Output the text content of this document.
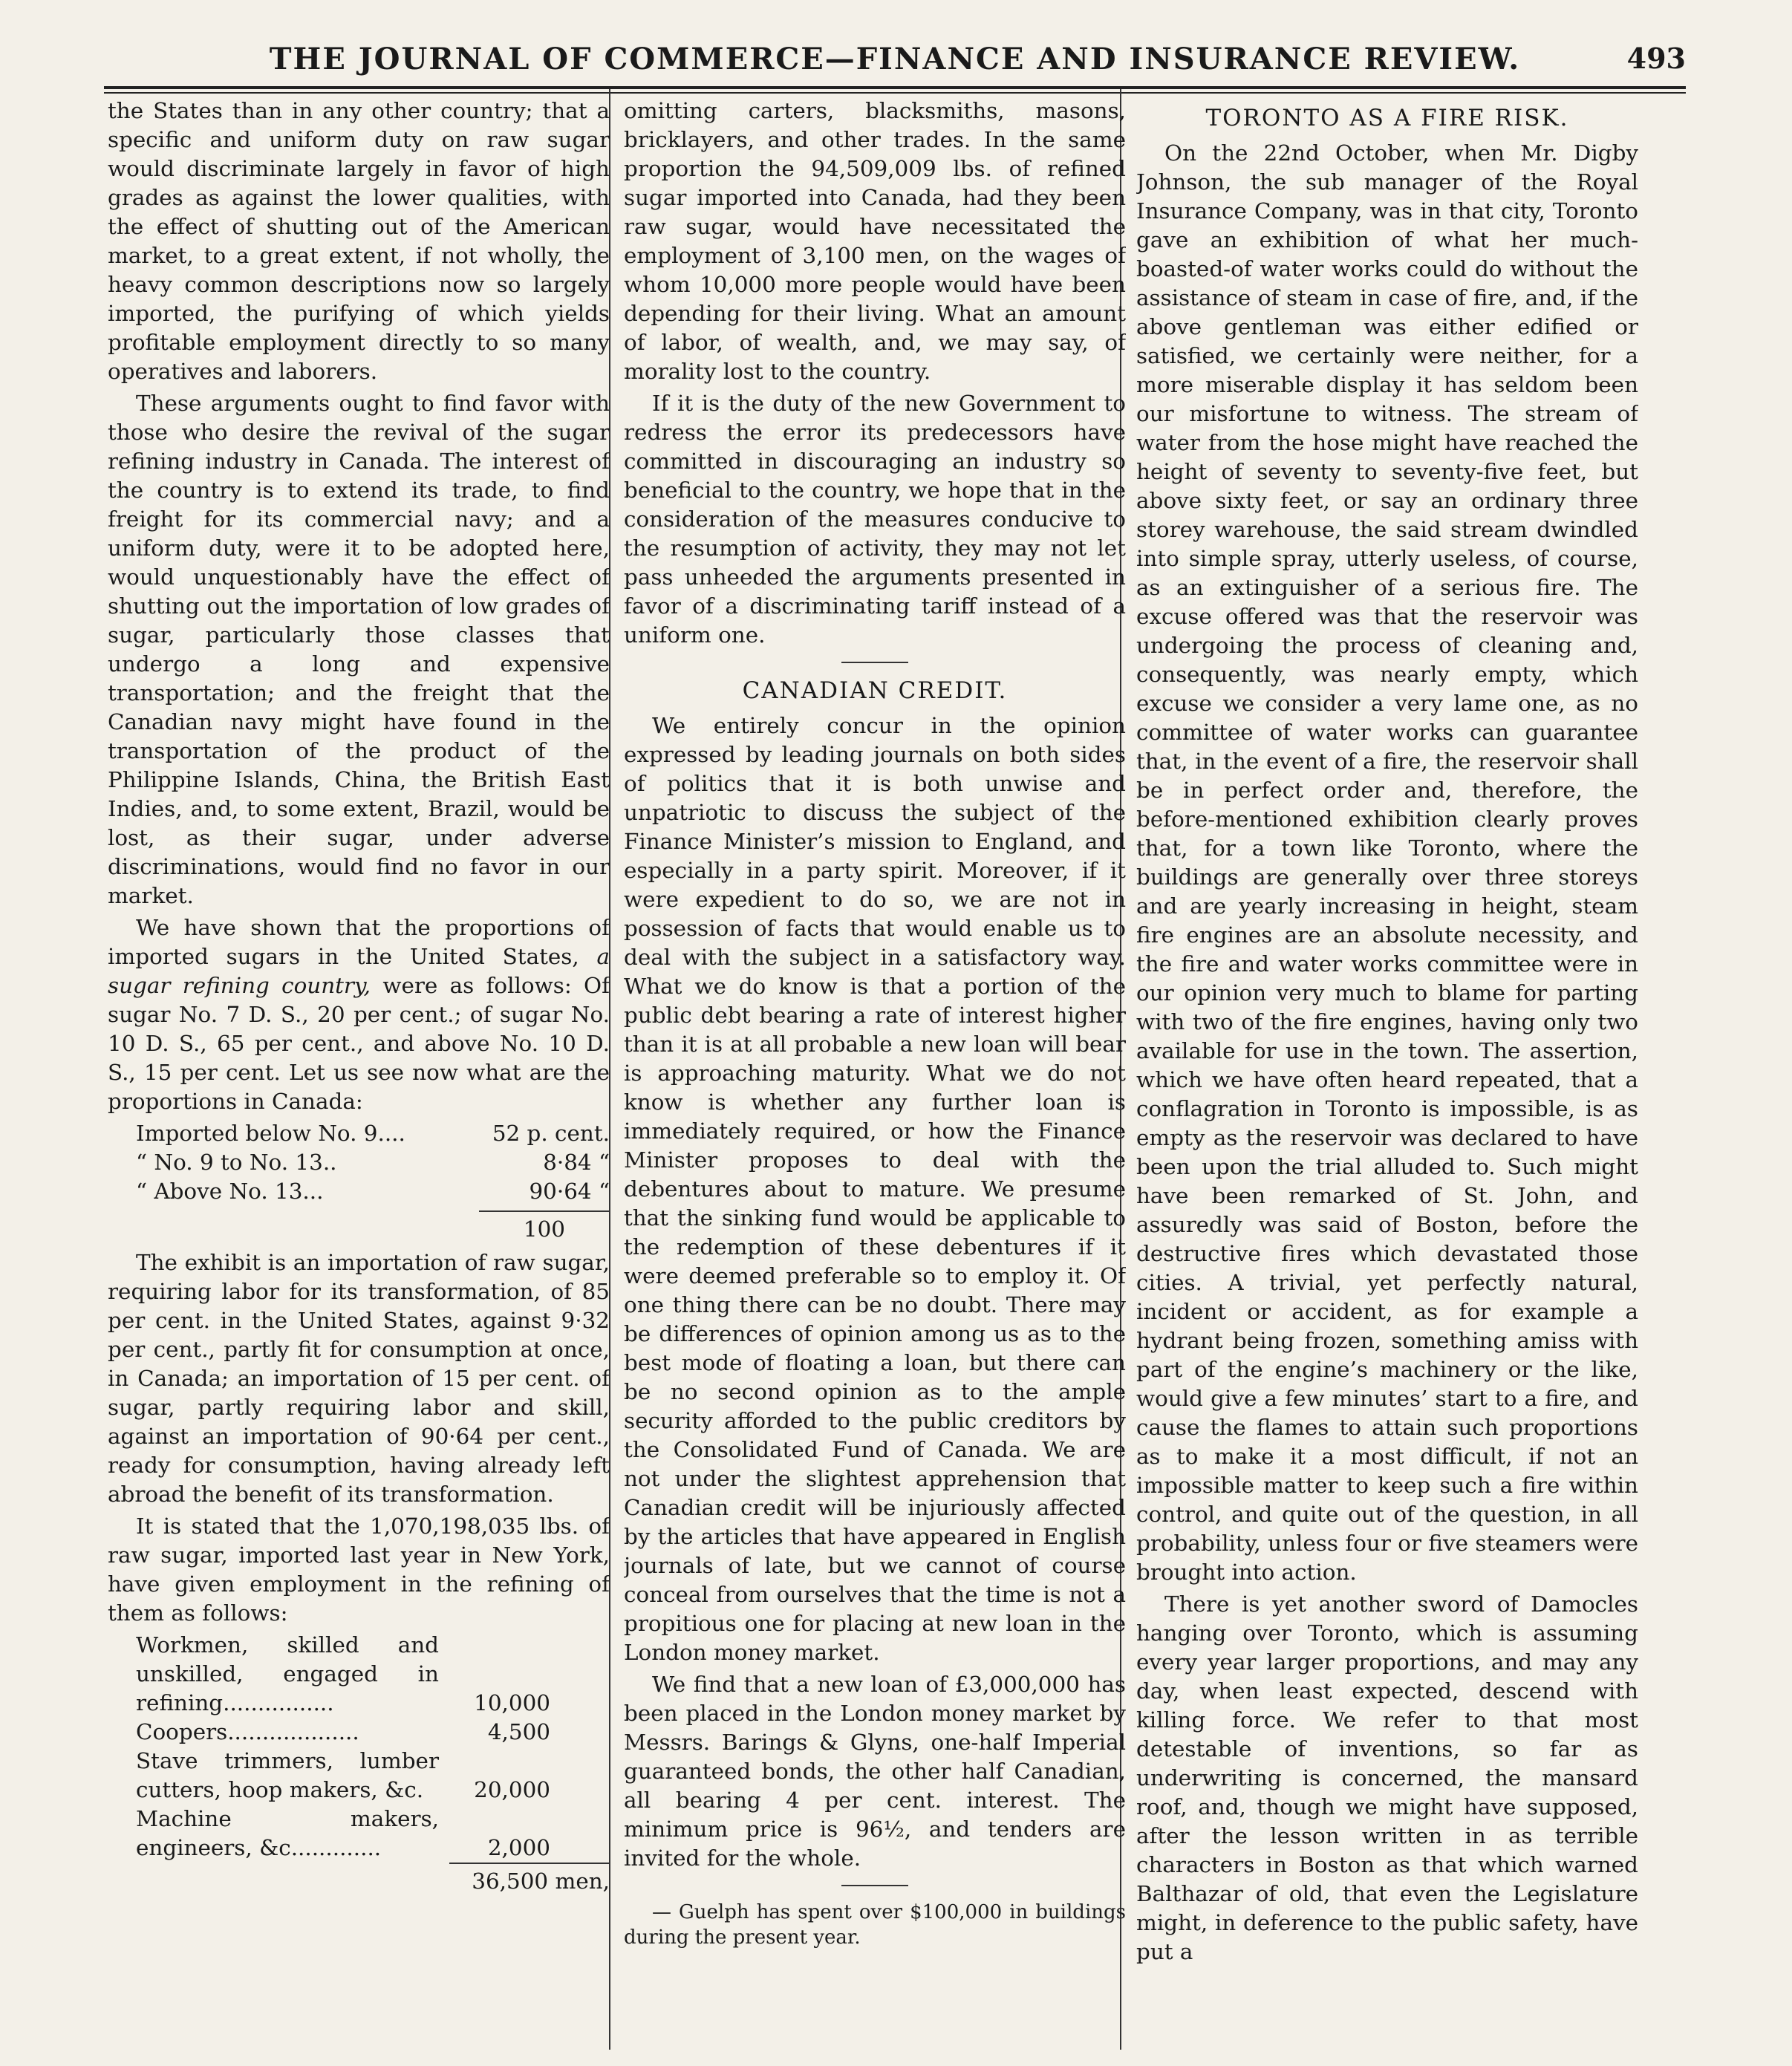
THE JOURNAL OF COMMERCE—FINANCE AND INSURANCE REVIEW.	493

the States than in any other country; that a specific and uniform duty on raw sugar would discriminate largely in favor of high grades as against the lower qualities, with the effect of shutting out of the American market, to a great extent, if not wholly, the heavy common descriptions now so largely imported, the purifying of which yields profitable employment directly to so many operatives and laborers.

These arguments ought to find favor with those who desire the revival of the sugar refining industry in Canada. The interest of the country is to extend its trade, to find freight for its commercial navy; and a uniform duty, were it to be adopted here, would unquestionably have the effect of shutting out the importation of low grades of sugar, particularly those classes that undergo a long and expensive transportation; and the freight that the Canadian navy might have found in the transportation of the product of the Philippine Islands, China, the British East Indies, and, to some extent, Brazil, would be lost, as their sugar, under adverse discriminations, would find no favor in our market.

We have shown that the proportions of imported sugars in the United States, a sugar refining country, were as follows: Of sugar No. 7 D. S., 20 per cent.; of sugar No. 10 D. S., 65 per cent., and above No. 10 D. S., 15 per cent. Let us see now what are the proportions in Canada:

Imported below No. 9....	52 p. cent.
“ No. 9 to No. 13..	8·84 “
“ Above No. 13...	90·64 “
100

The exhibit is an importation of raw sugar, requiring labor for its transformation, of 85 per cent. in the United States, against 9·32 per cent., partly fit for consumption at once, in Canada; an importation of 15 per cent. of sugar, partly requiring labor and skill, against an importation of 90·64 per cent., ready for consumption, having already left abroad the benefit of its transformation.

It is stated that the 1,070,198,035 lbs. of raw sugar, imported last year in New York, have given employment in the refining of them as follows:

Workmen, skilled and unskilled, engaged in refining................	10,000
Coopers...................	4,500
Stave trimmers, lumber cutters, hoop makers, &c.	20,000
Machine makers, engineers, &c.............	2,000
36,500 men,

omitting carters, blacksmiths, masons, bricklayers, and other trades. In the same proportion the 94,509,009 lbs. of refined sugar imported into Canada, had they been raw sugar, would have necessitated the employment of 3,100 men, on the wages of whom 10,000 more people would have been depending for their living. What an amount of labor, of wealth, and, we may say, of morality lost to the country.

If it is the duty of the new Government to redress the error its predecessors have committed in discouraging an industry so beneficial to the country, we hope that in the consideration of the measures conducive to the resumption of activity, they may not let pass unheeded the arguments presented in favor of a discriminating tariff instead of a uniform one.

CANADIAN CREDIT.

We entirely concur in the opinion expressed by leading journals on both sides of politics that it is both unwise and unpatriotic to discuss the subject of the Finance Minister’s mission to England, and especially in a party spirit. Moreover, if it were expedient to do so, we are not in possession of facts that would enable us to deal with the subject in a satisfactory way. What we do know is that a portion of the public debt bearing a rate of interest higher than it is at all probable a new loan will bear is approaching maturity. What we do not know is whether any further loan is immediately required, or how the Finance Minister proposes to deal with the debentures about to mature. We presume that the sinking fund would be applicable to the redemption of these debentures if it were deemed preferable so to employ it. Of one thing there can be no doubt. There may be differences of opinion among us as to the best mode of floating a loan, but there can be no second opinion as to the ample security afforded to the public creditors by the Consolidated Fund of Canada. We are not under the slightest apprehension that Canadian credit will be injuriously affected by the articles that have appeared in English journals of late, but we cannot of course conceal from ourselves that the time is not a propitious one for placing at new loan in the London money market.

We find that a new loan of £3,000,000 has been placed in the London money market by Messrs. Barings & Glyns, one-half Imperial guaranteed bonds, the other half Canadian, all bearing 4 per cent. interest. The minimum price is 96½, and tenders are invited for the whole.

— Guelph has spent over $100,000 in buildings during the present year.

TORONTO AS A FIRE RISK.

On the 22nd October, when Mr. Digby Johnson, the sub manager of the Royal Insurance Company, was in that city, Toronto gave an exhibition of what her much-boasted-of water works could do without the assistance of steam in case of fire, and, if the above gentleman was either edified or satisfied, we certainly were neither, for a more miserable display it has seldom been our misfortune to witness. The stream of water from the hose might have reached the height of seventy to seventy-five feet, but above sixty feet, or say an ordinary three storey warehouse, the said stream dwindled into simple spray, utterly useless, of course, as an extinguisher of a serious fire. The excuse offered was that the reservoir was undergoing the process of cleaning and, consequently, was nearly empty, which excuse we consider a very lame one, as no committee of water works can guarantee that, in the event of a fire, the reservoir shall be in perfect order and, therefore, the before-mentioned exhibition clearly proves that, for a town like Toronto, where the buildings are generally over three storeys and are yearly increasing in height, steam fire engines are an absolute necessity, and the fire and water works committee were in our opinion very much to blame for parting with two of the fire engines, having only two available for use in the town. The assertion, which we have often heard repeated, that a conflagration in Toronto is impossible, is as empty as the reservoir was declared to have been upon the trial alluded to. Such might have been remarked of St. John, and assuredly was said of Boston, before the destructive fires which devastated those cities. A trivial, yet perfectly natural, incident or accident, as for example a hydrant being frozen, something amiss with part of the engine’s machinery or the like, would give a few minutes’ start to a fire, and cause the flames to attain such proportions as to make it a most difficult, if not an impossible matter to keep such a fire within control, and quite out of the question, in all probability, unless four or five steamers were brought into action.

There is yet another sword of Damocles hanging over Toronto, which is assuming every year larger proportions, and may any day, when least expected, descend with killing force. We refer to that most detestable of inventions, so far as underwriting is concerned, the mansard roof, and, though we might have supposed, after the lesson written in as terrible characters in Boston as that which warned Balthazar of old, that even the Legislature might, in deference to the public safety, have put a
